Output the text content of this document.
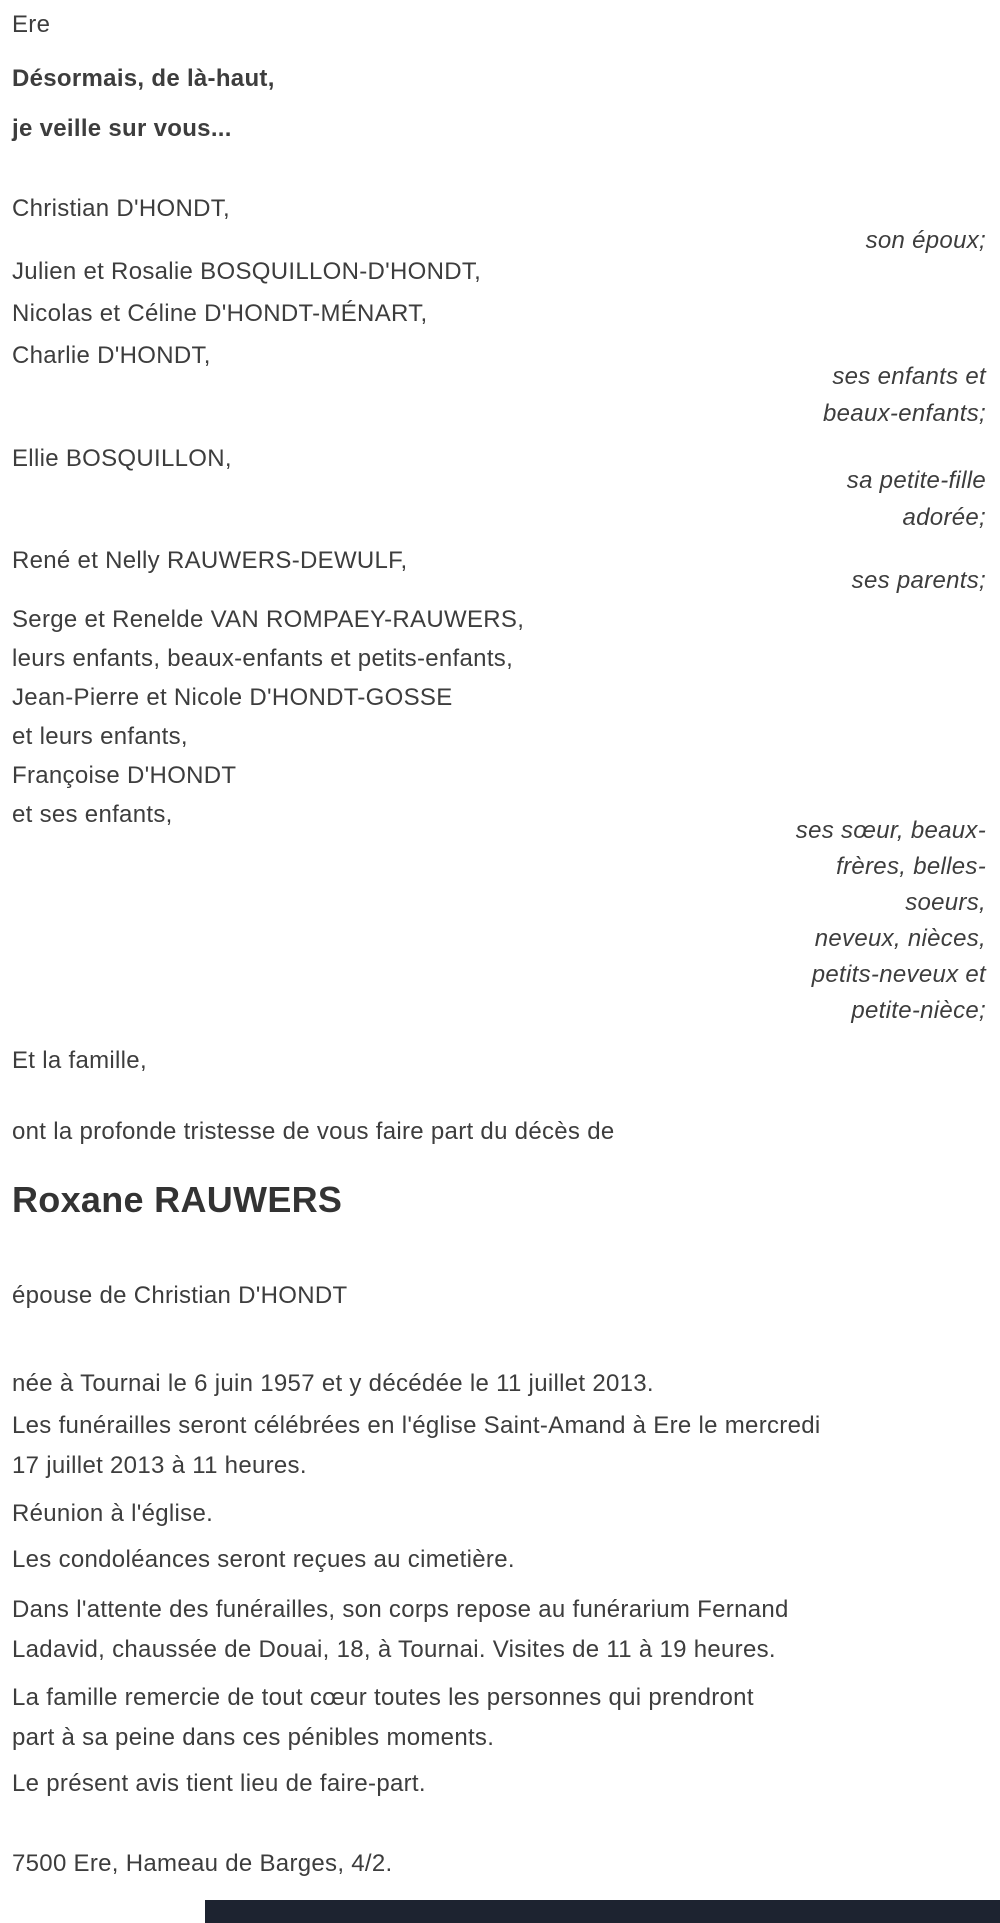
Ere
Désormais, de là-haut,
je veille sur vous...
Christian D'HONDT,
son époux;
Julien et Rosalie BOSQUILLON-D'HONDT,
Nicolas et Céline D'HONDT-MÉNART,
Charlie D'HONDT,
ses enfants et
beaux-enfants;
Ellie BOSQUILLON,
sa petite-fille
adorée;
René et Nelly RAUWERS-DEWULF,
ses parents;
Serge et Renelde VAN ROMPAEY-RAUWERS,
leurs enfants, beaux-enfants et petits-enfants,
Jean-Pierre et Nicole D'HONDT-GOSSE
et leurs enfants,
Françoise D'HONDT
et ses enfants,
ses sœur, beaux-
frères, belles-
soeurs,
neveux, nièces,
petits-neveux et
petite-nièce;
Et la famille,
ont la profonde tristesse de vous faire part du décès de
Roxane RAUWERS
épouse de Christian D'HONDT
née à Tournai le 6 juin 1957 et y décédée le 11 juillet 2013.
Les funérailles seront célébrées en l'église Saint-Amand à Ere le mercredi
17 juillet 2013 à 11 heures.
Réunion à l'église.
Les condoléances seront reçues au cimetière.
Dans l'attente des funérailles, son corps repose au funérarium Fernand
Ladavid, chaussée de Douai, 18, à Tournai. Visites de 11 à 19 heures.
La famille remercie de tout cœur toutes les personnes qui prendront
part à sa peine dans ces pénibles moments.
Le présent avis tient lieu de faire-part.
7500 Ere, Hameau de Barges, 4/2.
